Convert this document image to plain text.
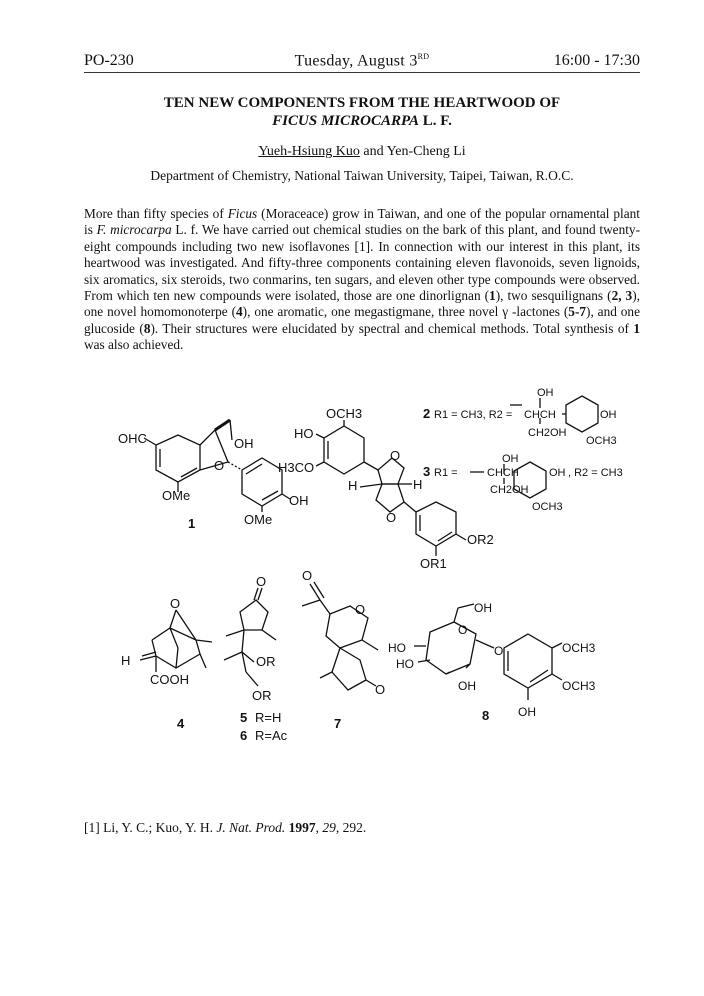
PO-230	Tuesday, August 3RD	16:00 - 17:30
TEN NEW COMPONENTS FROM THE HEARTWOOD OF
FICUS MICROCARPA L. F.
Yueh-Hsiung Kuo and Yen-Cheng Li
Department of Chemistry, National Taiwan University, Taipei, Taiwan, R.O.C.
More than fifty species of Ficus (Moraceace) grow in Taiwan, and one of the popular ornamental plant is F. microcarpa L. f. We have carried out chemical studies on the bark of this plant, and found twenty-eight compounds including two new isoflavones [1]. In connection with our interest in this plant, its heartwood was investigated. And fifty-three components containing eleven flavonoids, seven lignoids, six aromatics, six steroids, two conmarins, ten sugars, and eleven other type compounds were observed. From which ten new compounds were isolated, those are one dinorlignan (1), two sesquilignans (2, 3), one novel homomonoterpe (4), one aromatic, one megastigmane, three novel γ -lactones (5-7), and one glucoside (8). Their structures were elucidated by spectral and chemical methods. Total synthesis of 1 was also achieved.
OHC	OH
OMe
O
OH
OMe
1
OCH3
HO
H3CO
H	H
O
O
OR2
OR1
2 R1 = CH3, R2 =
OH
CHCH
CH2OH
OH
OCH3
3 R1 =
OH
CHCH
CH2OH
OH , R2 = CH3
OCH3
O
H
COOH
4
O
OR
OR
5 R=H
6 R=Ac
O
O
O
7
OH
HO
HO
O
OH
O	OCH3
OCH3
OH
8
[1] Li, Y. C.; Kuo, Y. H. J. Nat. Prod. 1997, 29, 292.
